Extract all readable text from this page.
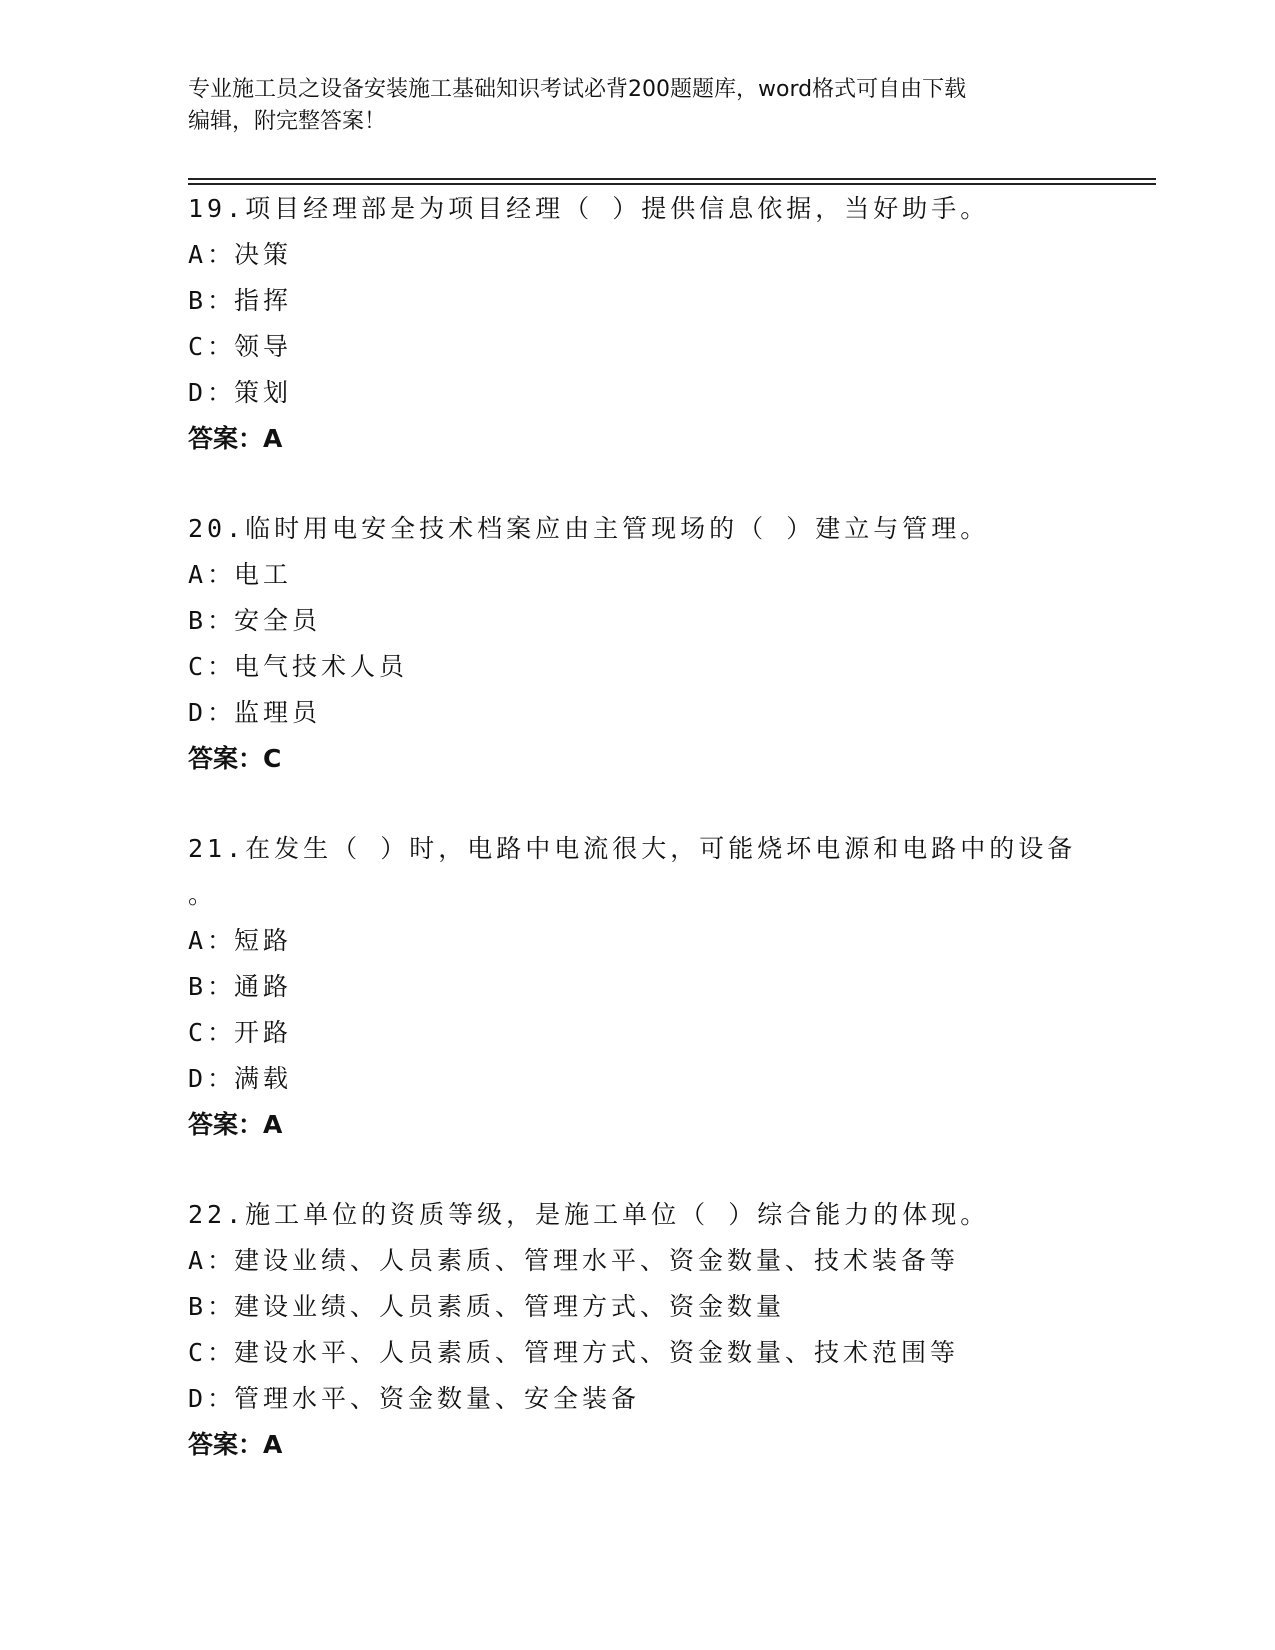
专业施工员之设备安装施工基础知识考试必背200题题库，word格式可自由下载
编辑，附完整答案！
19.项目经理部是为项目经理（ ）提供信息依据，当好助手。
A：决策
B：指挥
C：领导
D：策划
答案：A
20.临时用电安全技术档案应由主管现场的（ ）建立与管理。
A：电工
B：安全员
C：电气技术人员
D：监理员
答案：C
21.在发生（ ）时，电路中电流很大，可能烧坏电源和电路中的设备
。
A：短路
B：通路
C：开路
D：满载
答案：A
22.施工单位的资质等级，是施工单位（ ）综合能力的体现。
A：建设业绩、人员素质、管理水平、资金数量、技术装备等
B：建设业绩、人员素质、管理方式、资金数量
C：建设水平、人员素质、管理方式、资金数量、技术范围等
D：管理水平、资金数量、安全装备
答案：A
